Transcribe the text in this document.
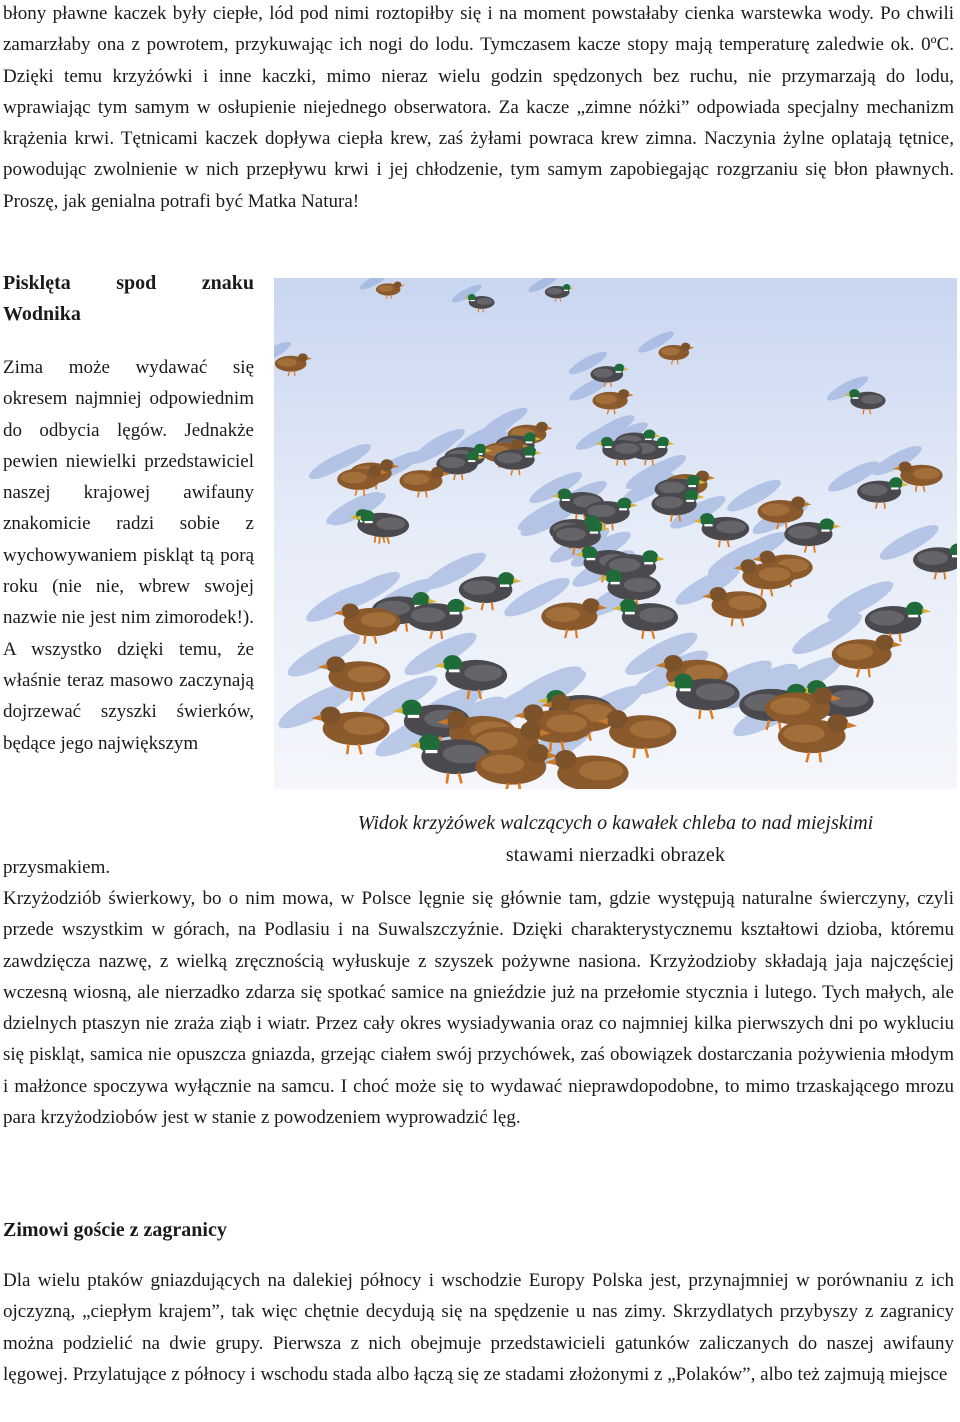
błony pławne kaczek były ciepłe, lód pod nimi roztopiłby się i na moment powstałaby cienka warstewka wody. Po chwili zamarzłaby ona z powrotem, przykuwając ich nogi do lodu. Tymczasem kacze stopy mają temperaturę zaledwie ok. 0ºC. Dzięki temu krzyżówki i inne kaczki, mimo nieraz wielu godzin spędzonych bez ruchu, nie przymarzają do lodu, wprawiając tym samym w osłupienie niejednego obserwatora. Za kacze „zimne nóżki” odpowiada specjalny mechanizm krążenia krwi. Tętnicami kaczek dopływa ciepła krew, zaś żyłami powraca krew zimna. Naczynia żylne oplatają tętnice, powodując zwolnienie w nich przepływu krwi i jej chłodzenie, tym samym zapobiegając rozgrzaniu się błon pławnych. Proszę, jak genialna potrafi być Matka Natura!

Pisklęta spod znaku Wodnika

Zima może wydawać się okresem najmniej odpowiednim do odbycia lęgów. Jednakże pewien niewielki przedstawiciel naszej krajowej awifauny znakomicie radzi sobie z wychowywaniem piskląt tą porą roku (nie nie, wbrew swojej nazwie nie jest nim zimorodek!). A wszystko dzięki temu, że właśnie teraz masowo zaczynają dojrzewać szyszki świerków, będące jego największym

Widok krzyżówek walczących o kawałek chleba to nad miejskimi
stawami nierzadki obrazek

przysmakiem.

Krzyżodziób świerkowy, bo o nim mowa, w Polsce lęgnie się głównie tam, gdzie występują naturalne świerczyny, czyli przede wszystkim w górach, na Podlasiu i na Suwalszczyźnie. Dzięki charakterystycznemu kształtowi dzioba, któremu zawdzięcza nazwę, z wielką zręcznością wyłuskuje z szyszek pożywne nasiona. Krzyżodzioby składają jaja najczęściej wczesną wiosną, ale nierzadko zdarza się spotkać samice na gnieździe już na przełomie stycznia i lutego. Tych małych, ale dzielnych ptaszyn nie zraża ziąb i wiatr. Przez cały okres wysiadywania oraz co najmniej kilka pierwszych dni po wykluciu się piskląt, samica nie opuszcza gniazda, grzejąc ciałem swój przychówek, zaś obowiązek dostarczania pożywienia młodym i małżonce spoczywa wyłącznie na samcu. I choć może się to wydawać nieprawdopodobne, to mimo trzaskającego mrozu para krzyżodziobów jest w stanie z powodzeniem wyprowadzić lęg.

Zimowi goście z zagranicy

Dla wielu ptaków gniazdujących na dalekiej północy i wschodzie Europy Polska jest, przynajmniej w porównaniu z ich ojczyzną, „ciepłym krajem”, tak więc chętnie decydują się na spędzenie u nas zimy. Skrzydlatych przybyszy z zagranicy można podzielić na dwie grupy. Pierwsza z nich obejmuje przedstawicieli gatunków zaliczanych do naszej awifauny lęgowej. Przylatujące z północy i wschodu stada albo łączą się ze stadami złożonymi z „Polaków”, albo też zajmują miejsce
